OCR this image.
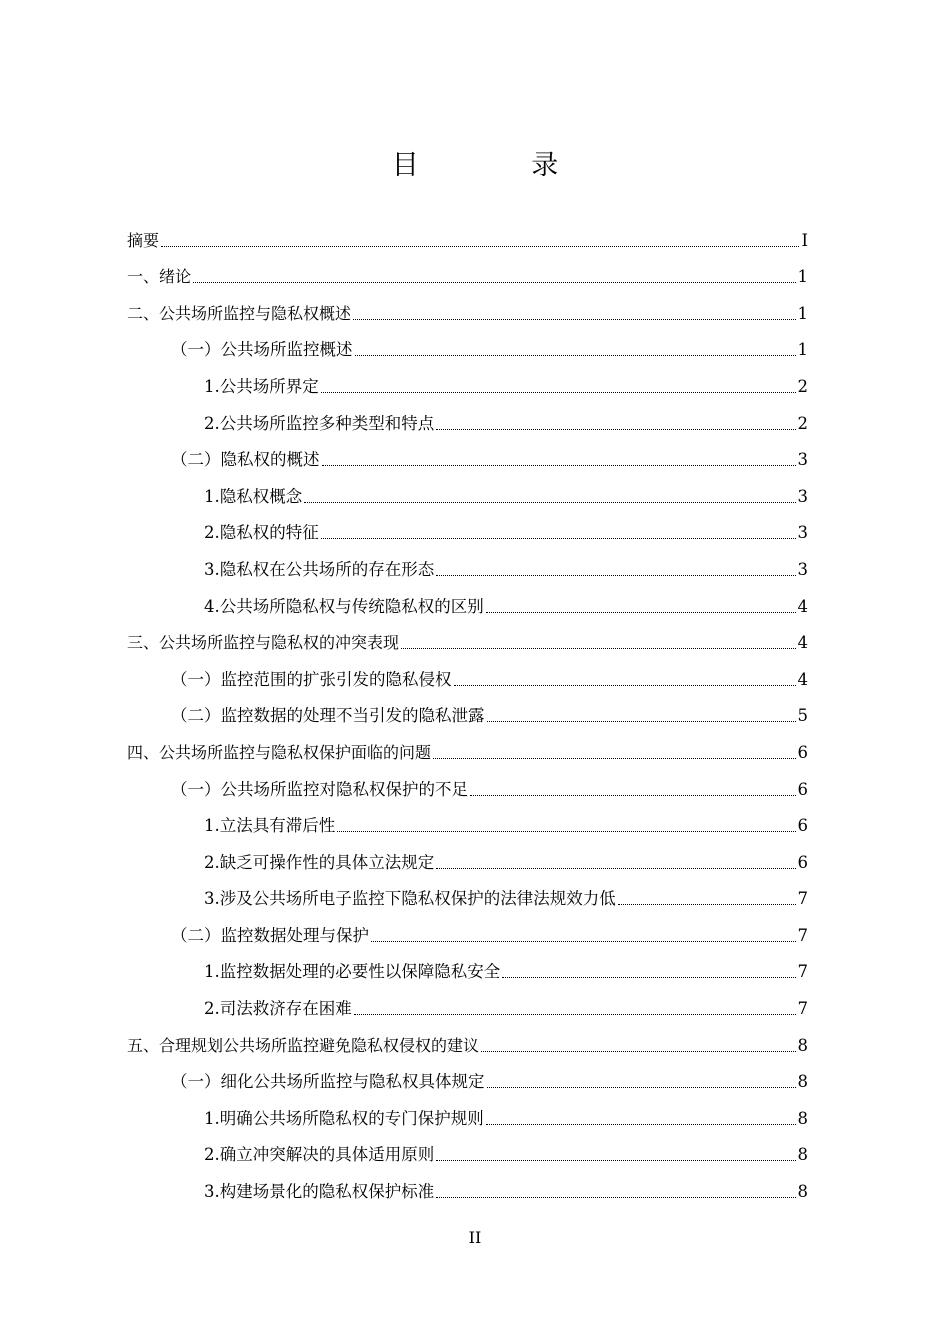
目 录
摘要	I
一、绪论	1
二、公共场所监控与隐私权概述	1
（一）公共场所监控概述	1
1.公共场所界定	2
2.公共场所监控多种类型和特点	2
（二）隐私权的概述	3
1.隐私权概念	3
2.隐私权的特征	3
3.隐私权在公共场所的存在形态	3
4.公共场所隐私权与传统隐私权的区别	4
三、公共场所监控与隐私权的冲突表现	4
（一）监控范围的扩张引发的隐私侵权	4
（二）监控数据的处理不当引发的隐私泄露	5
四、公共场所监控与隐私权保护面临的问题	6
（一）公共场所监控对隐私权保护的不足	6
1.立法具有滞后性	6
2.缺乏可操作性的具体立法规定	6
3.涉及公共场所电子监控下隐私权保护的法律法规效力低	7
（二）监控数据处理与保护	7
1.监控数据处理的必要性以保障隐私安全	7
2.司法救济存在困难	7
五、合理规划公共场所监控避免隐私权侵权的建议	8
（一）细化公共场所监控与隐私权具体规定	8
1.明确公共场所隐私权的专门保护规则	8
2.确立冲突解决的具体适用原则	8
3.构建场景化的隐私权保护标准	8
II
